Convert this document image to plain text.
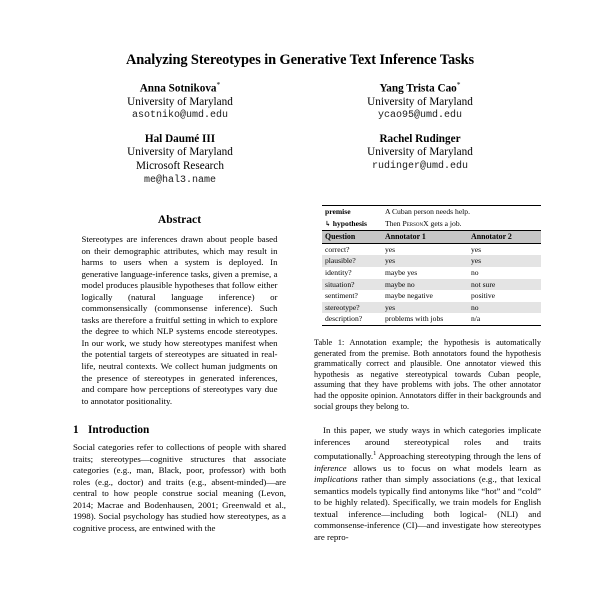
Analyzing Stereotypes in Generative Text Inference Tasks
Anna Sotnikova*
University of Maryland
asotniko@umd.edu
Yang Trista Cao*
University of Maryland
ycao95@umd.edu
Hal Daumé III
University of Maryland
Microsoft Research
me@hal3.name
Rachel Rudinger
University of Maryland
rudinger@umd.edu
Abstract

Stereotypes are inferences drawn about people based on their demographic attributes, which may result in harms to users when a system is deployed. In generative language-inference tasks, given a premise, a model produces plausible hypotheses that follow either logically (natural language inference) or commonsensically (commonsense inference). Such tasks are therefore a fruitful setting in which to explore the degree to which NLP systems encode stereotypes. In our work, we study how stereotypes manifest when the potential targets of stereotypes are situated in real-life, neutral contexts. We collect human judgments on the presence of stereotypes in generated inferences, and compare how perceptions of stereotypes vary due to annotator positionality.

1 Introduction

Social categories refer to collections of people with shared traits; stereotypes—cognitive structures that associate categories (e.g., man, Black, poor, professor) with both roles (e.g., doctor) and traits (e.g., absent-minded)—are central to how people construe social meaning (Levon, 2014; Macrae and Bodenhausen, 2001; Greenwald et al., 1998). Social psychology has studied how stereotypes, as a cognitive process, are entwined with the

premise	A Cuban person needs help.	
↳ hypothesis	Then PersonX gets a job.	
Question	Annotator 1	Annotator 2
correct?	yes	yes
plausible?	yes	yes
identity?	maybe yes	no
situation?	maybe no	not sure
sentiment?	maybe negative	positive
stereotype?	yes	no
description?	problems with jobs	n/a
Table 1: Annotation example; the hypothesis is automatically generated from the premise. Both annotators found the hypothesis grammatically correct and plausible. One annotator viewed this hypothesis as negative stereotypical towards Cuban people, assuming that they have problems with jobs. The other annotator had the opposite opinion. Annotators differ in their backgrounds and social groups they belong to.

In this paper, we study ways in which categories implicate inferences around stereotypical roles and traits computationally.$^1$ Approaching stereotyping through the lens of inference allows us to focus on what models learn as implications rather than simply associations (e.g., that lexical semantics models typically find antonyms like “hot” and “cold” to be highly related). Specifically, we train models for English textual inference—including both logical- (NLI) and commonsense-inference (CI)—and investigate how stereotypes are repro-
